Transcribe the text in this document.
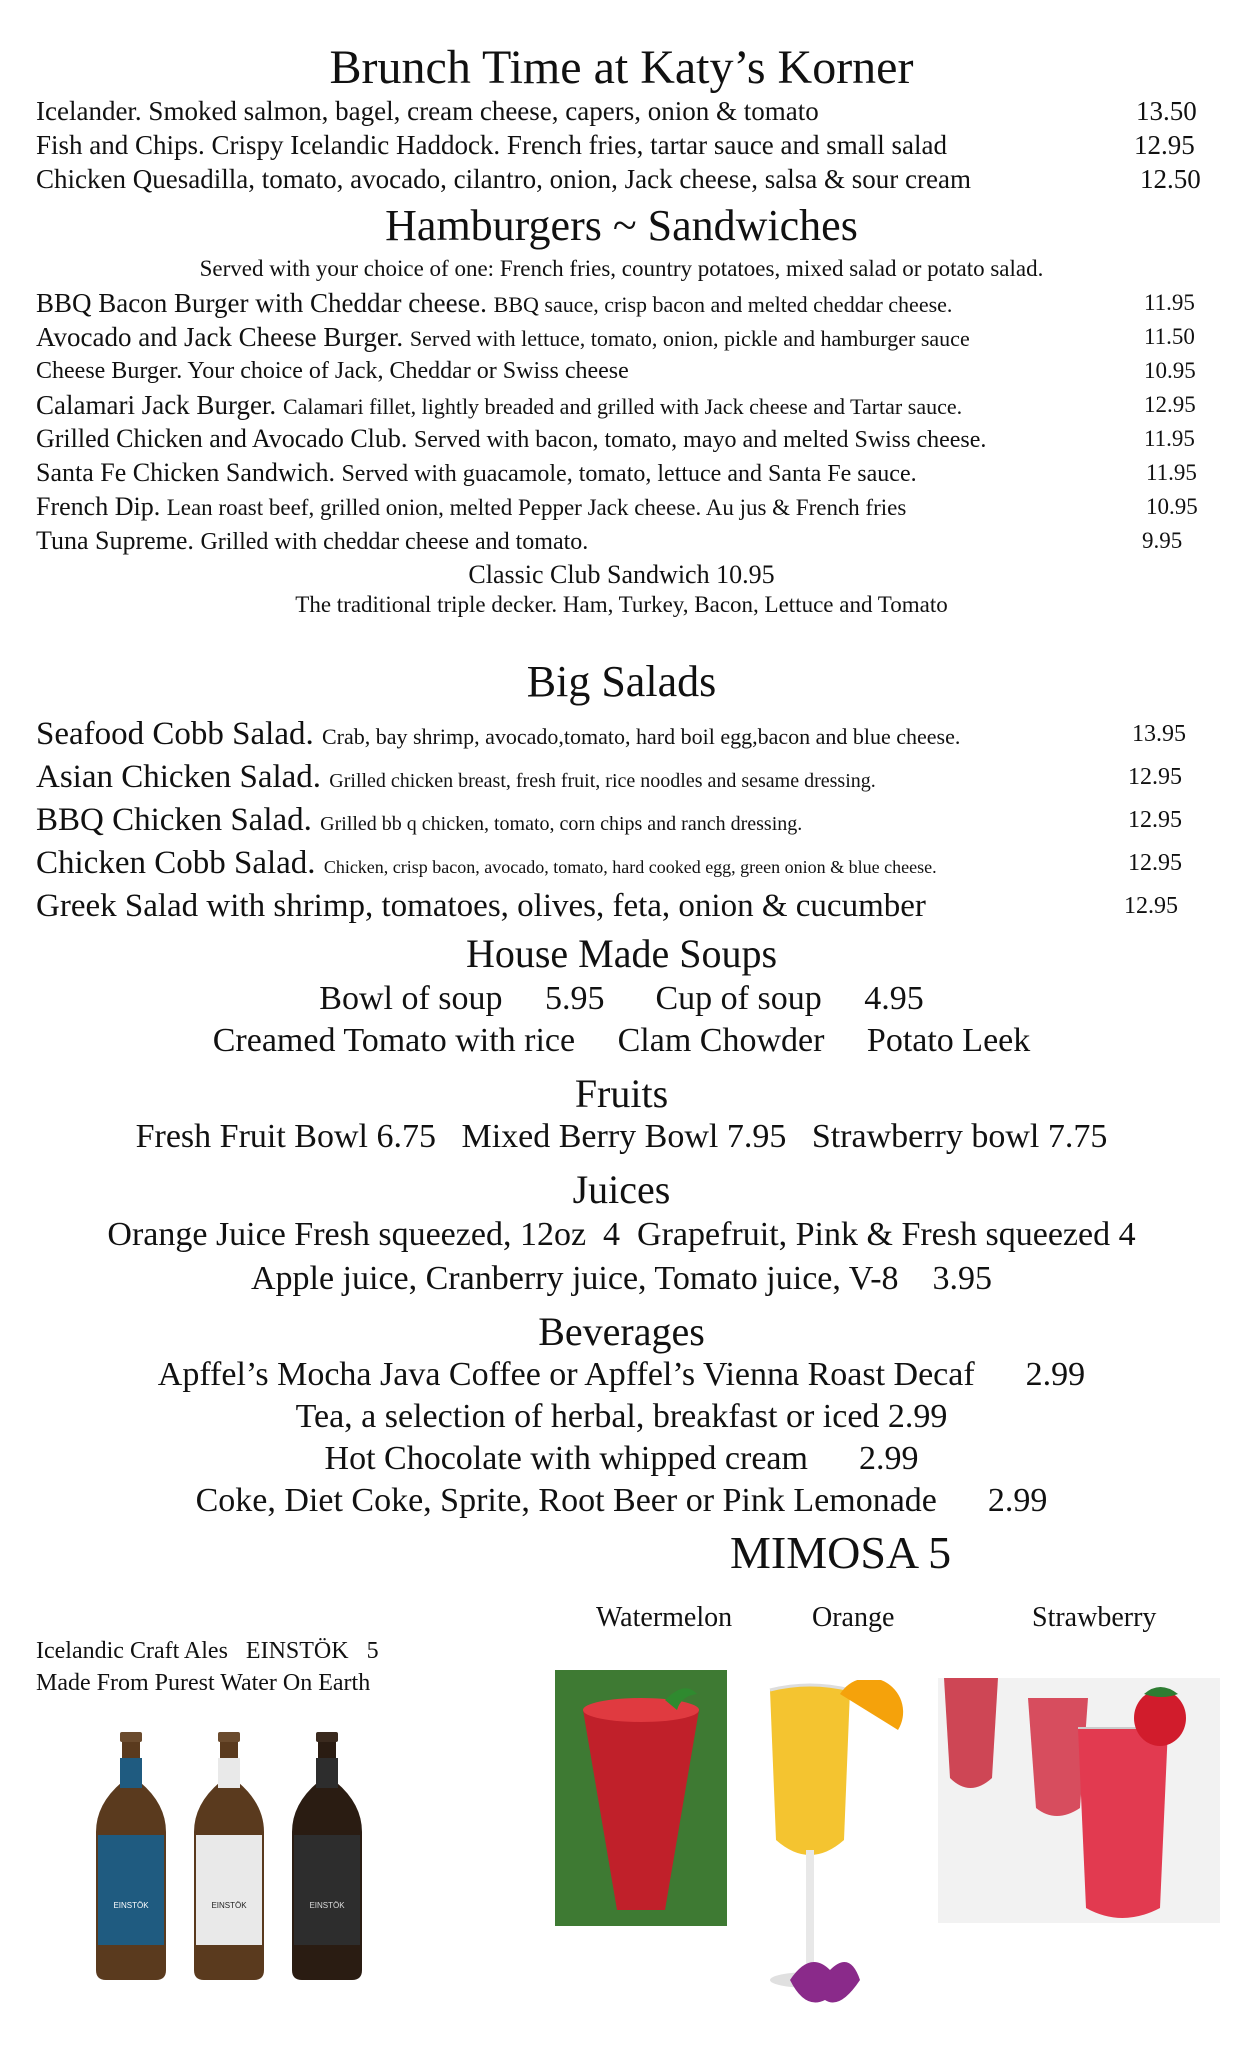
Brunch Time at Katy’s Korner
Icelander. Smoked salmon, bagel, cream cheese, capers, onion & tomato	13.50
Fish and Chips. Crispy Icelandic Haddock. French fries, tartar sauce and small salad	12.95
Chicken Quesadilla, tomato, avocado, cilantro, onion, Jack cheese, salsa & sour cream	12.50
Hamburgers ~ Sandwiches
Served with your choice of one: French fries, country potatoes, mixed salad or potato salad.
BBQ Bacon Burger with Cheddar cheese. BBQ sauce, crisp bacon and melted cheddar cheese.	11.95
Avocado and Jack Cheese Burger. Served with lettuce, tomato, onion, pickle and hamburger sauce	11.50
Cheese Burger. Your choice of Jack, Cheddar or Swiss cheese	10.95
Calamari Jack Burger. Calamari fillet, lightly breaded and grilled with Jack cheese and Tartar sauce.	12.95
Grilled Chicken and Avocado Club. Served with bacon, tomato, mayo and melted Swiss cheese.	11.95
Santa Fe Chicken Sandwich. Served with guacamole, tomato, lettuce and Santa Fe sauce.	11.95
French Dip. Lean roast beef, grilled onion, melted Pepper Jack cheese. Au jus & French fries	10.95
Tuna Supreme. Grilled with cheddar cheese and tomato.	9.95
Classic Club Sandwich 10.95
The traditional triple decker. Ham, Turkey, Bacon, Lettuce and Tomato
Big Salads
Seafood Cobb Salad. Crab, bay shrimp, avocado,tomato, hard boil egg,bacon and blue cheese.	13.95
Asian Chicken Salad. Grilled chicken breast, fresh fruit, rice noodles and sesame dressing.	12.95
BBQ Chicken Salad. Grilled bb q chicken, tomato, corn chips and ranch dressing.	12.95
Chicken Cobb Salad. Chicken, crisp bacon, avocado, tomato, hard cooked egg, green onion & blue cheese.	12.95
Greek Salad with shrimp, tomatoes, olives, feta, onion & cucumber	12.95
House Made Soups
Bowl of soup     5.95      Cup of soup     4.95
Creamed Tomato with rice     Clam Chowder     Potato Leek
Fruits
Fresh Fruit Bowl 6.75   Mixed Berry Bowl 7.95   Strawberry bowl 7.75
Juices
Orange Juice Fresh squeezed, 12oz  4  Grapefruit, Pink & Fresh squeezed 4
Apple juice, Cranberry juice, Tomato juice, V-8    3.95
Beverages
Apffel’s Mocha Java Coffee or Apffel’s Vienna Roast Decaf      2.99
Tea, a selection of herbal, breakfast or iced 2.99
Hot Chocolate with whipped cream      2.99
Coke, Diet Coke, Sprite, Root Beer or Pink Lemonade      2.99
MIMOSA 5
Watermelon	Orange	Strawberry
Icelandic Craft Ales   EINSTÖK   5
Made From Purest Water On Earth
EINSTÖK	EINSTÖK	EINSTÖK
